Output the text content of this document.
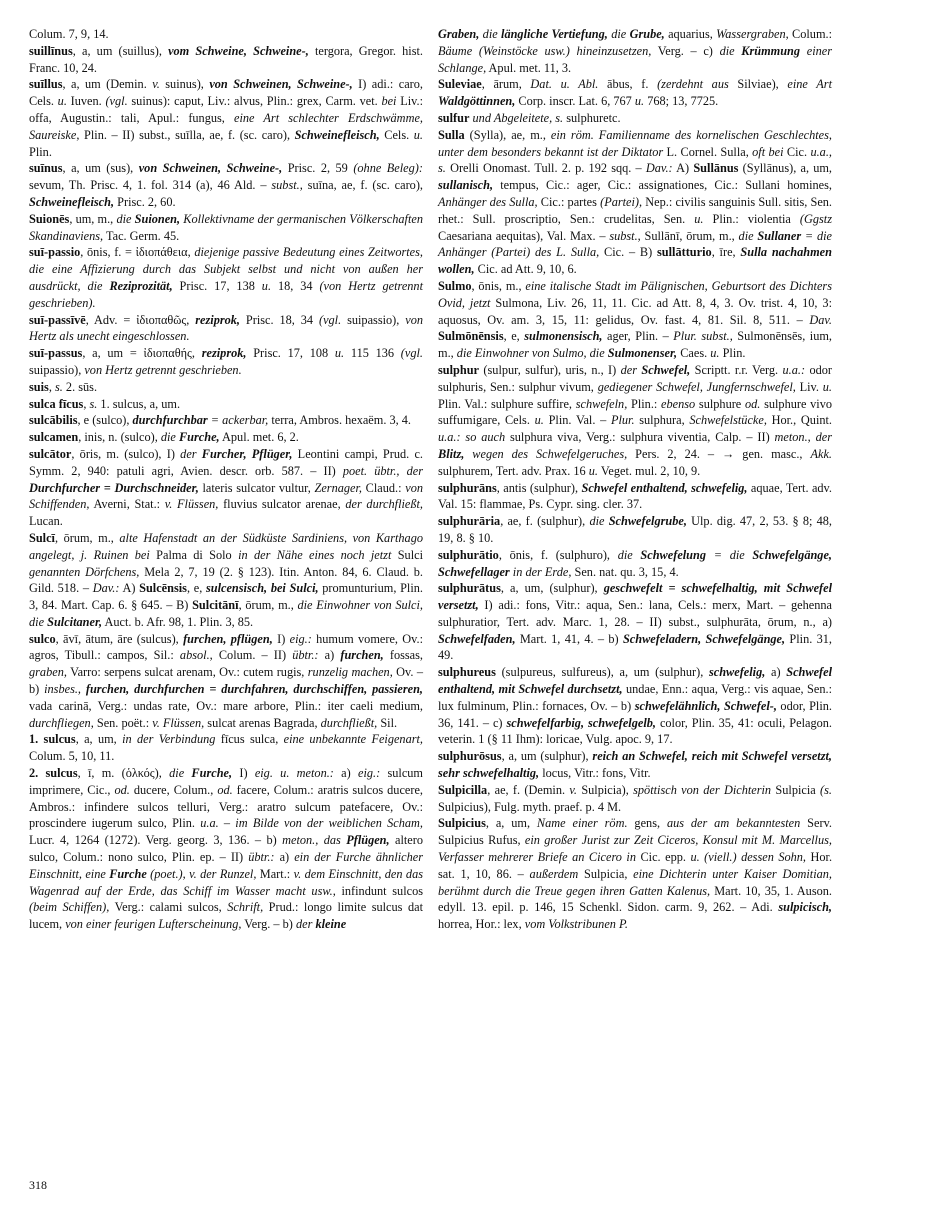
Colum. 7, 9, 14.

suillīnus, a, um (suillus), vom Schweine, Schweine-, tergora, Gregor. hist. Franc. 10, 24.

suīllus, a, um (Demin. v. suinus), von Schweinen, Schweine-, I) adi.: caro, Cels. u. Iuven. (vgl. suinus): caput, Liv.: alvus, Plin.: grex, Carm. vet. bei Liv.: offa, Augustin.: tali, Apul.: fungus, eine Art schlechter Erdschwämme, Saureiske, Plin. – II) subst., suīlla, ae, f. (sc. caro), Schweinefleisch, Cels. u. Plin.

suīnus, a, um (sus), von Schweinen, Schweine-, Prisc. 2, 59 (ohne Beleg): sevum, Th. Prisc. 4, 1. fol. 314 (a), 46 Ald. – subst., suīna, ae, f. (sc. caro), Schweinefleisch, Prisc. 2, 60.

Suionēs, um, m., die Suionen, Kollektivname der germanischen Völkerschaften Skandinaviens, Tac. Germ. 45.

suī-passio, ōnis, f. = ἰδιοπάθεια, diejenige passive Bedeutung eines Zeitwortes, die eine Affizierung durch das Subjekt selbst und nicht von außen her ausdrückt, die Reziprozität, Prisc. 17, 138 u. 18, 34 (von Hertz getrennt geschrieben).

suī-passīvē, Adv. = ἰδιοπαθῶς, reziprok, Prisc. 18, 34 (vgl. suipassio), von Hertz als unecht eingeschlossen.

suī-passus, a, um = ἰδιοπαθής, reziprok, Prisc. 17, 108 u. 115 136 (vgl. suipassio), von Hertz getrennt geschrieben.

suis, s. 2. sūs.

sulca fīcus, s. 1. sulcus, a, um.

sulcābilis, e (sulco), durchfurchbar = ackerbar, terra, Ambros. hexaëm. 3, 4.

sulcamen, inis, n. (sulco), die Furche, Apul. met. 6, 2.

sulcātor, ōris, m. (sulco), I) der Furcher, Pflüger, Leontini campi, Prud. c. Symm. 2, 940: patuli agri, Avien. descr. orb. 587. – II) poet. übtr., der Durchfurcher = Durchschneider, lateris sulcator vultur, Zernager, Claud.: von Schiffenden, Averni, Stat.: v. Flüssen, fluvius sulcator arenae, der durchfließt, Lucan.

Sulcī, ōrum, m., alte Hafenstadt an der Südküste Sardiniens, von Karthago angelegt, j. Ruinen bei Palma di Solo in der Nähe eines noch jetzt Sulci genannten Dörfchens, Mela 2, 7, 19 (2. § 123). Itin. Anton. 84, 6. Claud. b. Gild. 518. – Dav.: A) Sulcēnsis, e, sulcensisch, bei Sulci, promunturium, Plin. 3, 84. Mart. Cap. 6. § 645. – B) Sulcitānī, ōrum, m., die Einwohner von Sulci, die Sulcitaner, Auct. b. Afr. 98, 1. Plin. 3, 85.

sulco, āvī, ātum, āre (sulcus), furchen, pflügen, I) eig.: humum vomere, Ov.: agros, Tibull.: campos, Sil.: absol., Colum. – II) übtr.: a) furchen, fossas, graben, Varro: serpens sulcat arenam, Ov.: cutem rugis, runzelig machen, Ov. – b) insbes., furchen, durchfurchen = durchfahren, durchschiffen, passieren, vada carinā, Verg.: undas rate, Ov.: mare arbore, Plin.: iter caeli medium, durchfliegen, Sen. poët.: v. Flüssen, sulcat arenas Bagrada, durchfließt, Sil.

1. sulcus, a, um, in der Verbindung fīcus sulca, eine unbekannte Feigenart, Colum. 5, 10, 11.

2. sulcus, ī, m. (ὁλκός), die Furche, I) eig. u. meton.: a) eig.: sulcum imprimere, Cic., od. ducere, Colum., od. facere, Colum.: aratris sulcos ducere, Ambros.: infindere sulcos telluri, Verg.: aratro sulcum patefacere, Ov.: proscindere iugerum sulco, Plin. u.a. – im Bilde von der weiblichen Scham, Lucr. 4, 1264 (1272). Verg. georg. 3, 136. – b) meton., das Pflügen, altero sulco, Colum.: nono sulco, Plin. ep. – II) übtr.: a) ein der Furche ähnlicher Einschnitt, eine Furche (poet.), v. der Runzel, Mart.: v. dem Einschnitt, den das Wagenrad auf der Erde, das Schiff im Wasser macht usw., infindunt sulcos (beim Schiffen), Verg.: calami sulcos, Schrift, Prud.: longo limite sulcus dat lucem, von einer feurigen Lufterscheinung, Verg. – b) der kleine

Graben, die längliche Vertiefung, die Grube, aquarius, Wassergraben, Colum.: Bäume (Weinstöcke usw.) hineinzusetzen, Verg. – c) die Krümmung einer Schlange, Apul. met. 11, 3.

Suleviae, ārum, Dat. u. Abl. ābus, f. (zerdehnt aus Silviae), eine Art Waldgöttinnen, Corp. inscr. Lat. 6, 767 u. 768; 13, 7725.

sulfur und Abgeleitete, s. sulphuretc.

Sulla (Sylla), ae, m., ein röm. Familienname des kornelischen Geschlechtes, unter dem besonders bekannt ist der Diktator L. Cornel. Sulla, oft bei Cic. u.a., s. Orelli Onomast. Tull. 2. p. 192 sqq. – Dav.: A) Sullānus (Syllānus), a, um, sullanisch, tempus, Cic.: ager, Cic.: assignationes, Cic.: Sullani homines, Anhänger des Sulla, Cic.: partes (Partei), Nep.: civilis sanguinis Sull. sitis, Sen. rhet.: Sull. proscriptio, Sen.: crudelitas, Sen. u. Plin.: violentia (Ggstz Caesariana aequitas), Val. Max. – subst., Sullānī, ōrum, m., die Sullaner = die Anhänger (Partei) des L. Sulla, Cic. – B) sullātturio, īre, Sulla nachahmen wollen, Cic. ad Att. 9, 10, 6.

Sulmo, ōnis, m., eine italische Stadt im Pälignischen, Geburtsort des Dichters Ovid, jetzt Sulmona, Liv. 26, 11, 11. Cic. ad Att. 8, 4, 3. Ov. trist. 4, 10, 3: aquosus, Ov. am. 3, 15, 11: gelidus, Ov. fast. 4, 81. Sil. 8, 511. – Dav. Sulmōnēnsis, e, sulmonensisch, ager, Plin. – Plur. subst., Sulmonēnsēs, ium, m., die Einwohner von Sulmo, die Sulmonenser, Caes. u. Plin.

sulphur (sulpur, sulfur), uris, n., I) der Schwefel, Scriptt. r.r. Verg. u.a.: odor sulphuris, Sen.: sulphur vivum, gediegener Schwefel, Jungfernschwefel, Liv. u. Plin. Val.: sulphure suffire, schwefeln, Plin.: ebenso sulphure od. sulphure vivo suffumigare, Cels. u. Plin. Val. – Plur. sulphura, Schwefelstücke, Hor., Quint. u.a.: so auch sulphura viva, Verg.: sulphura viventia, Calp. – II) meton., der Blitz, wegen des Schwefelgeruches, Pers. 2, 24. – → gen. masc., Akk. sulphurem, Tert. adv. Prax. 16 u. Veget. mul. 2, 10, 9.

sulphurāns, antis (sulphur), Schwefel enthaltend, schwefelig, aquae, Tert. adv. Val. 15: flammae, Ps. Cypr. sing. cler. 37.

sulphurāria, ae, f. (sulphur), die Schwefelgrube, Ulp. dig. 47, 2, 53. § 8; 48, 19, 8. § 10.

sulphurātio, ōnis, f. (sulphuro), die Schwefelung = die Schwefelgänge, Schwefellager in der Erde, Sen. nat. qu. 3, 15, 4.

sulphurātus, a, um, (sulphur), geschwefelt = schwefelhaltig, mit Schwefel versetzt, I) adi.: fons, Vitr.: aqua, Sen.: lana, Cels.: merx, Mart. – gehenna sulphuratior, Tert. adv. Marc. 1, 28. – II) subst., sulphurāta, ōrum, n., a) Schwefelfaden, Mart. 1, 41, 4. – b) Schwefeladern, Schwefelgänge, Plin. 31, 49.

sulphureus (sulpureus, sulfureus), a, um (sulphur), schwefelig, a) Schwefel enthaltend, mit Schwefel durchsetzt, undae, Enn.: aqua, Verg.: vis aquae, Sen.: lux fulminum, Plin.: fornaces, Ov. – b) schwefelähnlich, Schwefel-, odor, Plin. 36, 141. – c) schwefelfarbig, schwefelgelb, color, Plin. 35, 41: oculi, Pelagon. veterin. 1 (§ 11 Ihm): loricae, Vulg. apoc. 9, 17.

sulphurōsus, a, um (sulphur), reich an Schwefel, reich mit Schwefel versetzt, sehr schwefelhaltig, locus, Vitr.: fons, Vitr.

Sulpicilla, ae, f. (Demin. v. Sulpicia), spöttisch von der Dichterin Sulpicia (s. Sulpicius), Fulg. myth. praef. p. 4 M.

Sulpicius, a, um, Name einer röm. gens, aus der am bekanntesten Serv. Sulpicius Rufus, ein großer Jurist zur Zeit Ciceros, Konsul mit M. Marcellus, Verfasser mehrerer Briefe an Cicero in Cic. epp. u. (viell.) dessen Sohn, Hor. sat. 1, 10, 86. – außerdem Sulpicia, eine Dichterin unter Kaiser Domitian, berühmt durch die Treue gegen ihren Gatten Kalenus, Mart. 10, 35, 1. Auson. edyll. 13. epil. p. 146, 15 Schenkl. Sidon. carm. 9, 262. – Adi. sulpicisch, horrea, Hor.: lex, vom Volkstribunen P.

318
